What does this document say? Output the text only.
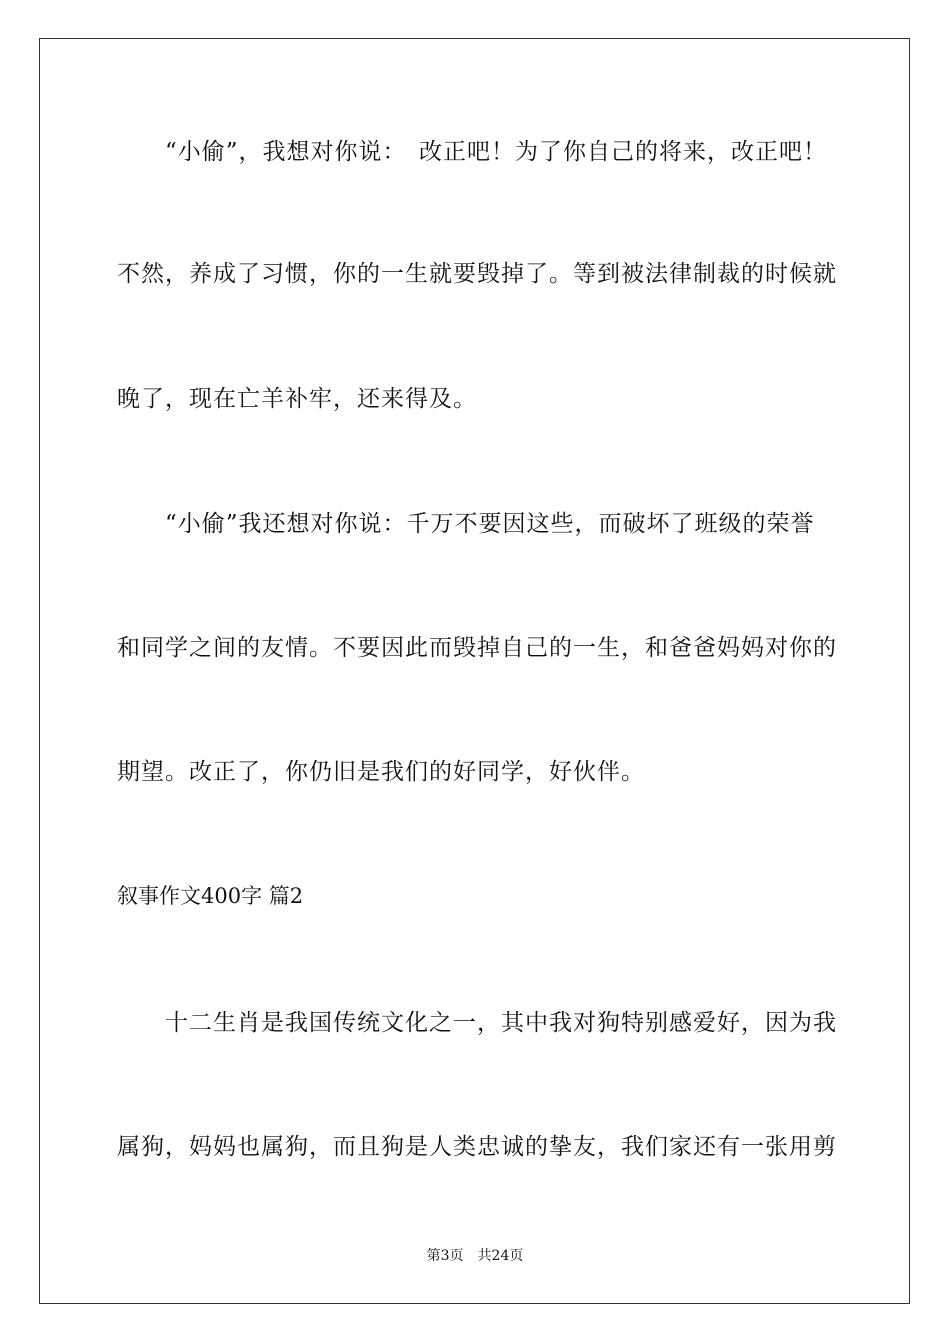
　　“小偷”，我想对你说：　改正吧！为了你自己的将来，改正吧！
不然，养成了习惯，你的一生就要毁掉了。等到被法律制裁的时候就
晚了，现在亡羊补牢，还来得及。
　　“小偷”我还想对你说：千万不要因这些，而破坏了班级的荣誉
和同学之间的友情。不要因此而毁掉自己的一生，和爸爸妈妈对你的
期望。改正了，你仍旧是我们的好同学，好伙伴。
叙事作文400字 篇2
　　十二生肖是我国传统文化之一，其中我对狗特别感爱好，因为我
属狗，妈妈也属狗，而且狗是人类忠诚的挚友，我们家还有一张用剪
第3页　共24页
